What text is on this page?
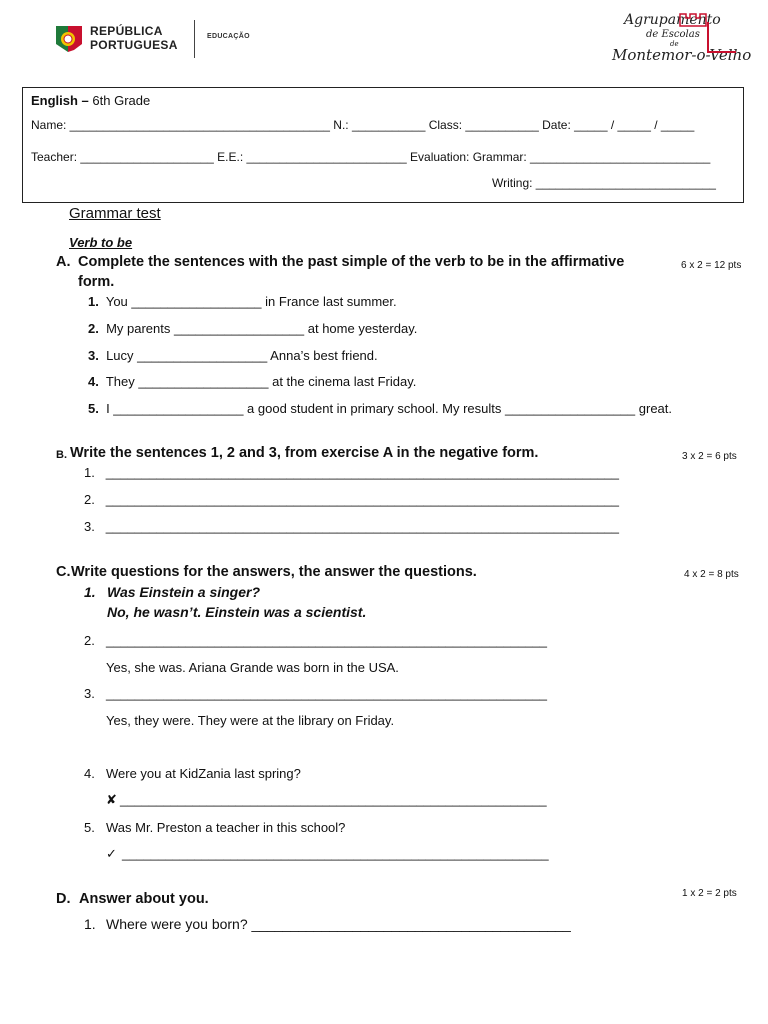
REPÚBLICA
PORTUGUESA
EDUCAÇÃO
Agrupamento
de Escolas
de
Montemor-o-Velho
English – 6th Grade
Name: _______________________________________ N.: ___________ Class: ___________ Date: _____ / _____ / _____
Teacher: ____________________ E.E.: ________________________ Evaluation: Grammar: ___________________________
Writing: ___________________________
Grammar test
Verb to be
A. Complete the sentences with the past simple of the verb to be in the affirmative
form.
6 x 2 = 12 pts
1. You __________________ in France last summer.
2. My parents __________________ at home yesterday.
3. Lucy __________________ Anna’s best friend.
4. They __________________ at the cinema last Friday.
5. I __________________ a good student in primary school. My results __________________ great.
B. Write the sentences 1, 2 and 3, from exercise A in the negative form.	3 x 2 = 6 pts
1. _______________________________________________________________________
2. _______________________________________________________________________
3. _______________________________________________________________________
C. Write questions for the answers, the answer the questions.	4 x 2 = 8 pts
1. Was Einstein a singer?
No, he wasn’t. Einstein was a scientist.
2. _____________________________________________________________
Yes, she was. Ariana Grande was born in the USA.
3. _____________________________________________________________
Yes, they were. They were at the library on Friday.
4. Were you at KidZania last spring?
✘ ___________________________________________________________
5. Was Mr. Preston a teacher in this school?
✓ ___________________________________________________________
D. Answer about you.	1 x 2 = 2 pts
1. Where were you born? _________________________________________
